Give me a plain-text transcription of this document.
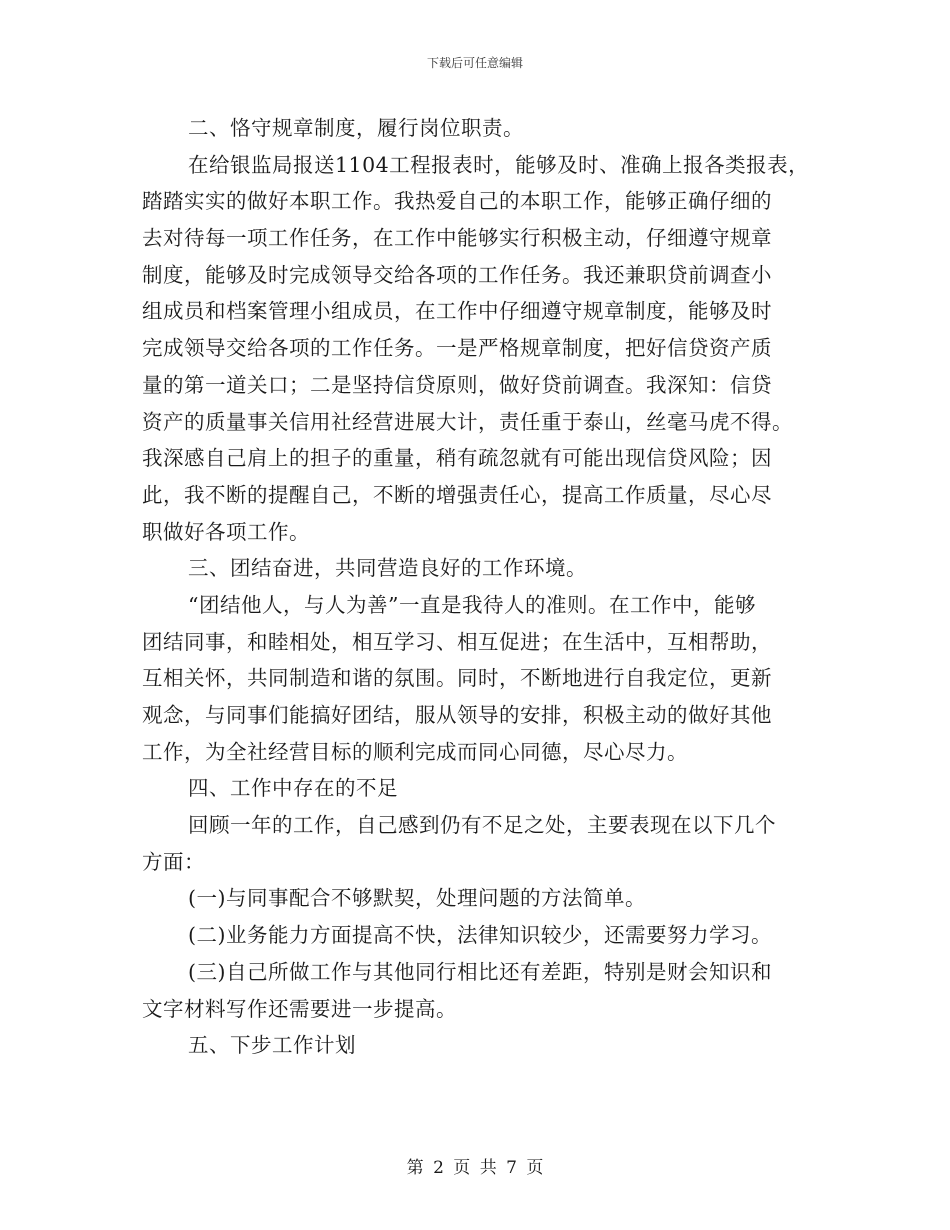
下载后可任意编辑
二、恪守规章制度，履行岗位职责。
在给银监局报送1104工程报表时，能够及时、准确上报各类报表，
踏踏实实的做好本职工作。我热爱自己的本职工作，能够正确仔细的
去对待每一项工作任务，在工作中能够实行积极主动，仔细遵守规章
制度，能够及时完成领导交给各项的工作任务。我还兼职贷前调查小
组成员和档案管理小组成员，在工作中仔细遵守规章制度，能够及时
完成领导交给各项的工作任务。一是严格规章制度，把好信贷资产质
量的第一道关口；二是坚持信贷原则，做好贷前调查。我深知：信贷
资产的质量事关信用社经营进展大计，责任重于泰山，丝毫马虎不得。
我深感自己肩上的担子的重量，稍有疏忽就有可能出现信贷风险；因
此，我不断的提醒自己，不断的增强责任心，提高工作质量，尽心尽
职做好各项工作。
三、团结奋进，共同营造良好的工作环境。
“团结他人，与人为善”一直是我待人的准则。在工作中，能够
团结同事，和睦相处，相互学习、相互促进；在生活中，互相帮助，
互相关怀，共同制造和谐的氛围。同时，不断地进行自我定位，更新
观念，与同事们能搞好团结，服从领导的安排，积极主动的做好其他
工作，为全社经营目标的顺利完成而同心同德，尽心尽力。
四、工作中存在的不足
回顾一年的工作，自己感到仍有不足之处，主要表现在以下几个
方面：
(一)与同事配合不够默契，处理问题的方法简单。
(二)业务能力方面提高不快，法律知识较少，还需要努力学习。
(三)自己所做工作与其他同行相比还有差距，特别是财会知识和
文字材料写作还需要进一步提高。
五、下步工作计划
第 2 页 共 7 页
